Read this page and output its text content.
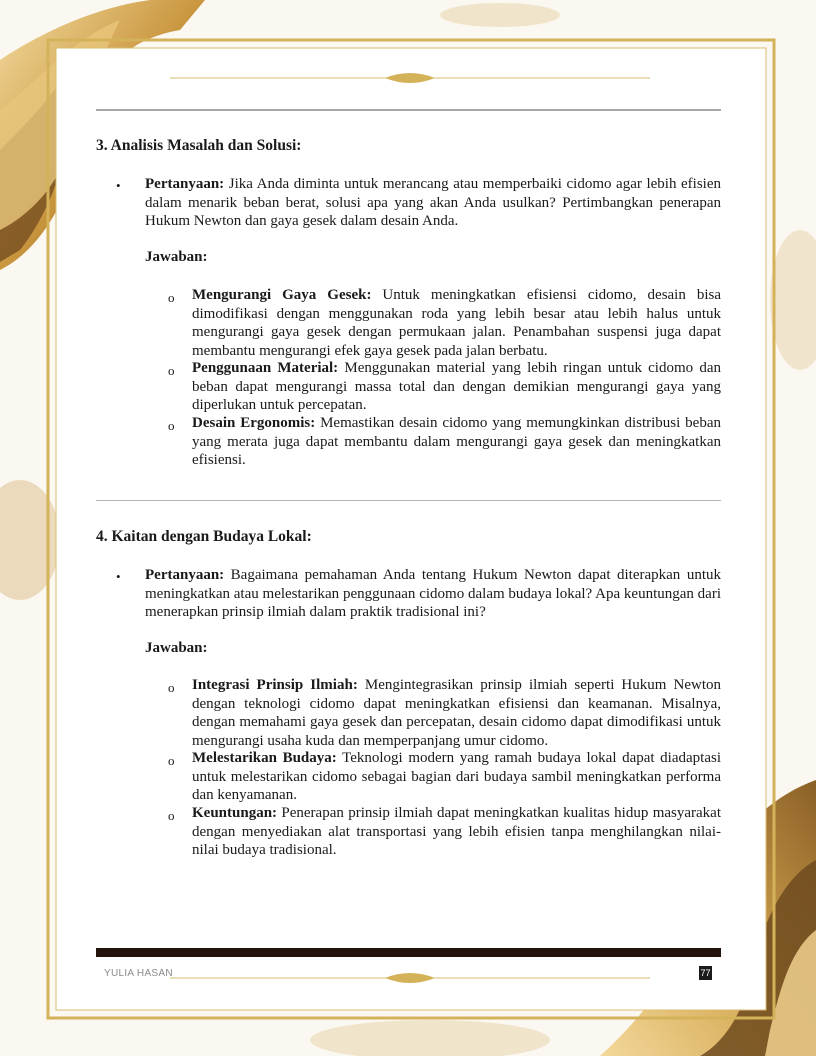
3. Analisis Masalah dan Solusi:
• Pertanyaan: Jika Anda diminta untuk merancang atau memperbaiki cidomo agar lebih efisien dalam menarik beban berat, solusi apa yang akan Anda usulkan? Pertimbangkan penerapan Hukum Newton dan gaya gesek dalam desain Anda.

Jawaban:

o Mengurangi Gaya Gesek: Untuk meningkatkan efisiensi cidomo, desain bisa dimodifikasi dengan menggunakan roda yang lebih besar atau lebih halus untuk mengurangi gaya gesek dengan permukaan jalan. Penambahan suspensi juga dapat membantu mengurangi efek gaya gesek pada jalan berbatu.

o Penggunaan Material: Menggunakan material yang lebih ringan untuk cidomo dan beban dapat mengurangi massa total dan dengan demikian mengurangi gaya yang diperlukan untuk percepatan.

o Desain Ergonomis: Memastikan desain cidomo yang memungkinkan distribusi beban yang merata juga dapat membantu dalam mengurangi gaya gesek dan meningkatkan efisiensi.

4. Kaitan dengan Budaya Lokal:
• Pertanyaan: Bagaimana pemahaman Anda tentang Hukum Newton dapat diterapkan untuk meningkatkan atau melestarikan penggunaan cidomo dalam budaya lokal? Apa keuntungan dari menerapkan prinsip ilmiah dalam praktik tradisional ini?

Jawaban:

o Integrasi Prinsip Ilmiah: Mengintegrasikan prinsip ilmiah seperti Hukum Newton dengan teknologi cidomo dapat meningkatkan efisiensi dan keamanan. Misalnya, dengan memahami gaya gesek dan percepatan, desain cidomo dapat dimodifikasi untuk mengurangi usaha kuda dan memperpanjang umur cidomo.

o Melestarikan Budaya: Teknologi modern yang ramah budaya lokal dapat diadaptasi untuk melestarikan cidomo sebagai bagian dari budaya sambil meningkatkan performa dan kenyamanan.

o Keuntungan: Penerapan prinsip ilmiah dapat meningkatkan kualitas hidup masyarakat dengan menyediakan alat transportasi yang lebih efisien tanpa menghilangkan nilai-nilai budaya tradisional.

YULIA HASAN	77
